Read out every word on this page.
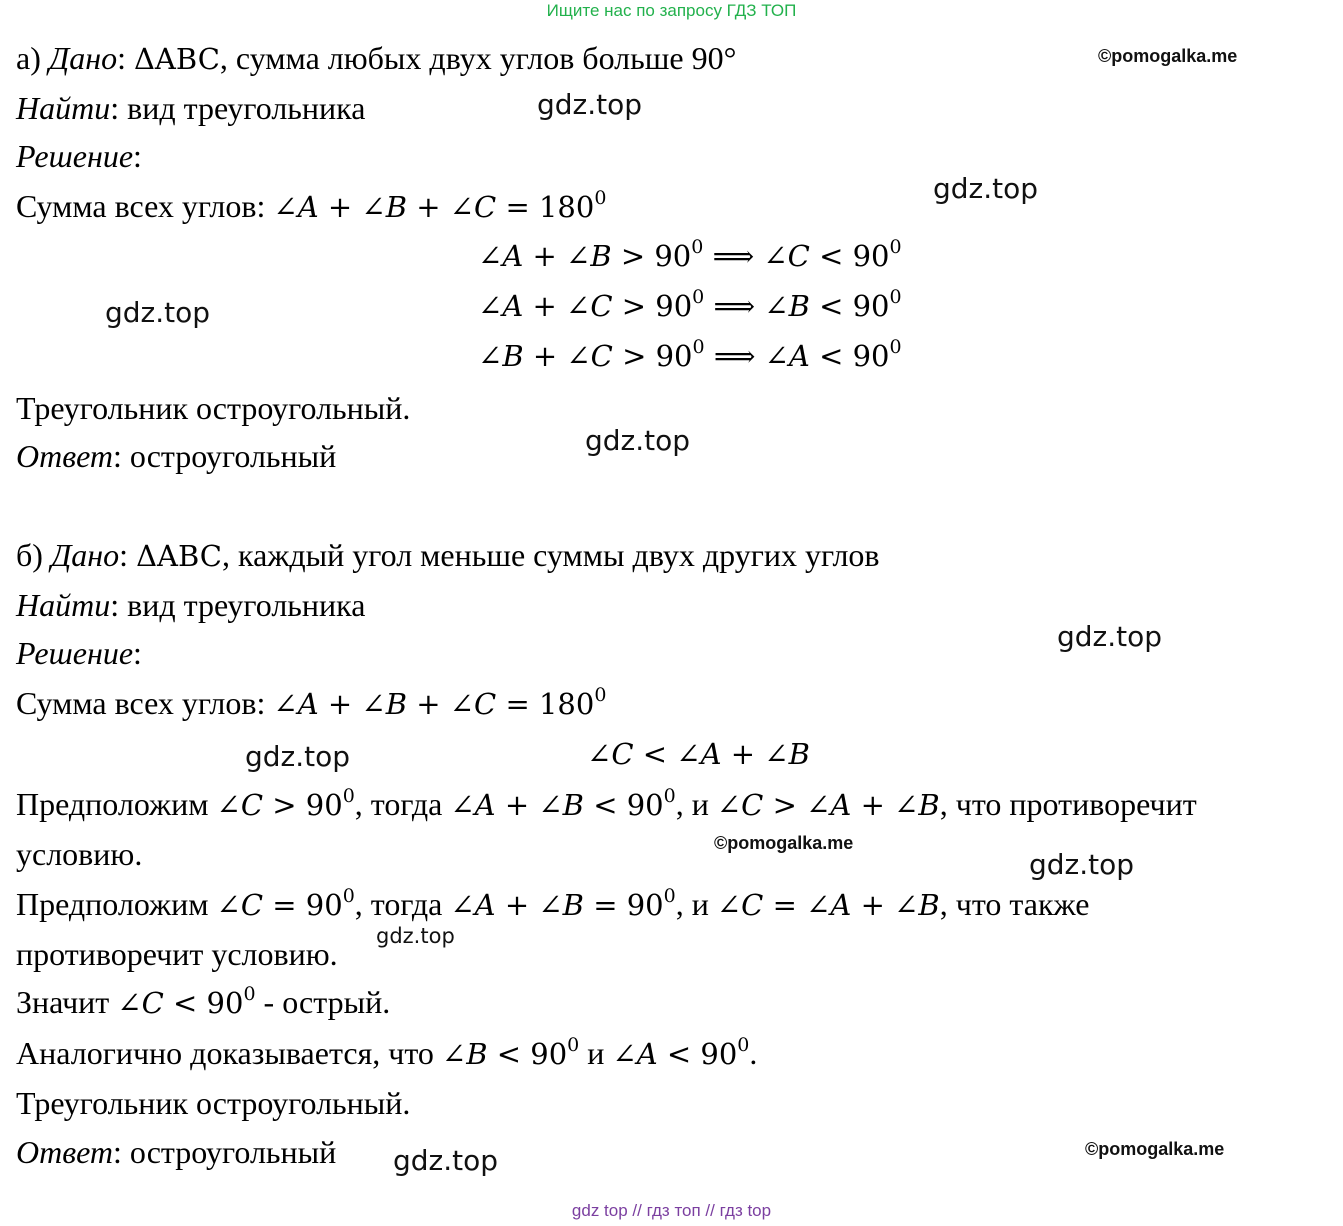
Ищите нас по запросу ГДЗ ТОП
а) Дано: ΔABC, сумма любых двух углов больше 90°
Найти: вид треугольника
Решение:
Сумма всех углов: ∠A + ∠B + ∠C = $180^0$
∠A + ∠B > $90^0$ ⟹ ∠C < $90^0$
∠A + ∠C > $90^0$ ⟹ ∠B < $90^0$
∠B + ∠C > $90^0$ ⟹ ∠A < $90^0$
Треугольник остроугольный.
Ответ: остроугольный
б) Дано: ΔABC, каждый угол меньше суммы двух других углов
Найти: вид треугольника
Решение:
Сумма всех углов: ∠A + ∠B + ∠C = $180^0$
∠C < ∠A + ∠B
Предположим ∠C > $90^0$, тогда ∠A + ∠B < $90^0$, и ∠C > ∠A + ∠B, что противоречит
условию.
Предположим ∠C = $90^0$, тогда ∠A + ∠B = $90^0$, и ∠C = ∠A + ∠B, что также
противоречит условию.
Значит ∠C < $90^0$ - острый.
Аналогично доказывается, что ∠B < $90^0$ и ∠A < $90^0$.
Треугольник остроугольный.
Ответ: остроугольный
gdz.top
gdz.top
gdz.top
gdz.top
gdz.top
gdz.top
gdz.top
gdz.top
gdz.top
©pomogalka.me
©pomogalka.me
©pomogalka.me
gdz top // гдз топ // гдз top
